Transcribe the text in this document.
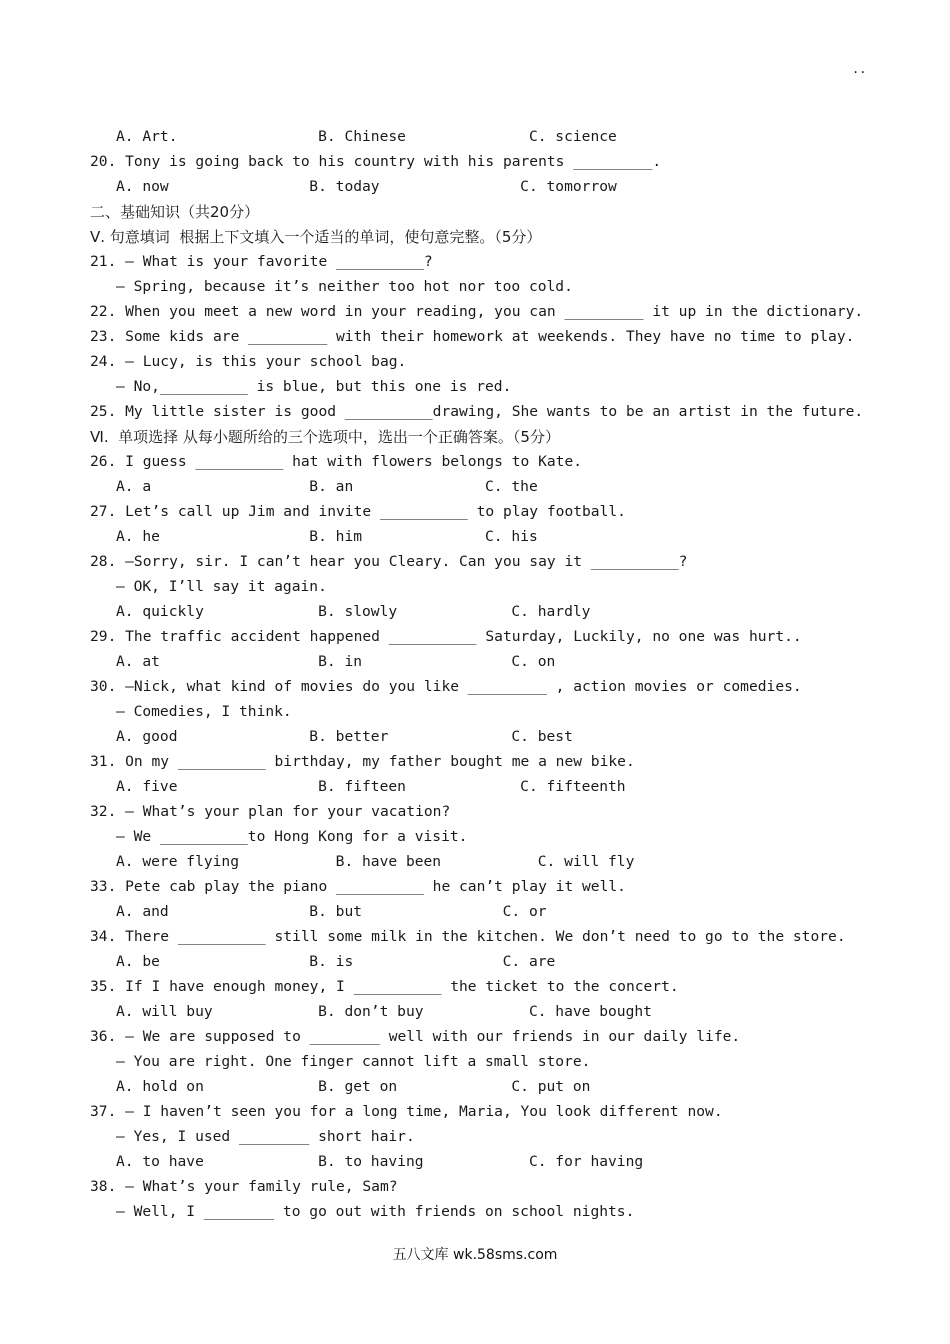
..
A. Art.                B. Chinese              C. science
20. Tony is going back to his country with his parents _________.
A. now                B. today                C. tomorrow
二、基础知识（共20分）
Ⅴ. 句意填词  根据上下文填入一个适当的单词，使句意完整。（5分）
21. — What is your favorite __________?
— Spring, because it’s neither too hot nor too cold.
22. When you meet a new word in your reading, you can _________ it up in the dictionary.
23. Some kids are _________ with their homework at weekends. They have no time to play.
24. — Lucy, is this your school bag.
— No,__________ is blue, but this one is red.
25. My little sister is good __________drawing, She wants to be an artist in the future.
Ⅵ.  单项选择 从每小题所给的三个选项中，选出一个正确答案。（5分）
26. I guess __________ hat with flowers belongs to Kate.
A. a                  B. an               C. the
27. Let’s call up Jim and invite __________ to play football.
A. he                 B. him              C. his
28. —Sorry, sir. I can’t hear you Cleary. Can you say it __________?
— OK, I’ll say it again.
A. quickly             B. slowly             C. hardly
29. The traffic accident happened __________ Saturday, Luckily, no one was hurt..
A. at                  B. in                 C. on
30. —Nick, what kind of movies do you like _________ , action movies or comedies.
— Comedies, I think.
A. good               B. better              C. best
31. On my __________ birthday, my father bought me a new bike.
A. five                B. fifteen             C. fifteenth
32. — What’s your plan for your vacation?
— We __________to Hong Kong for a visit.
A. were flying           B. have been           C. will fly
33. Pete cab play the piano __________ he can’t play it well.
A. and                B. but                C. or
34. There __________ still some milk in the kitchen. We don’t need to go to the store.
A. be                 B. is                 C. are
35. If I have enough money, I __________ the ticket to the concert.
A. will buy            B. don’t buy            C. have bought
36. — We are supposed to ________ well with our friends in our daily life.
— You are right. One finger cannot lift a small store.
A. hold on             B. get on             C. put on
37. — I haven’t seen you for a long time, Maria, You look different now.
— Yes, I used ________ short hair.
A. to have             B. to having            C. for having
38. — What’s your family rule, Sam?
— Well, I ________ to go out with friends on school nights.
五八文库 wk.58sms.com
